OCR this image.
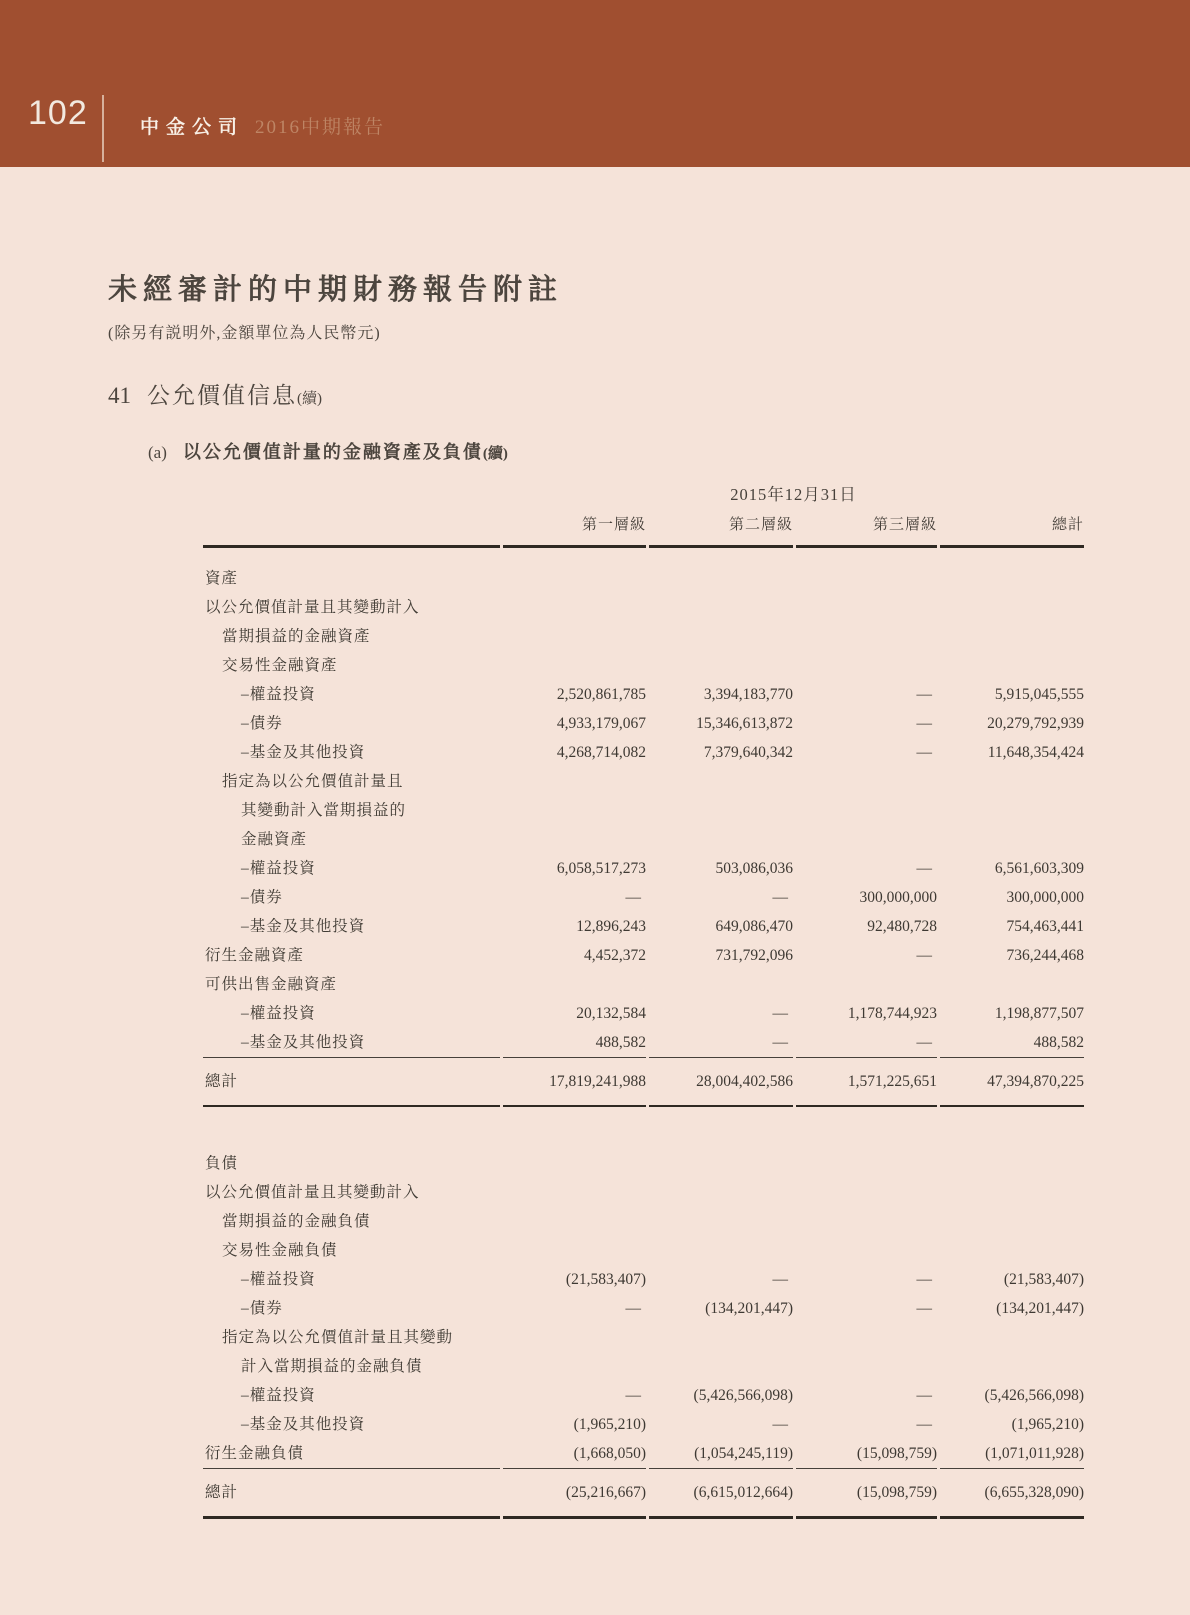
102	中金公司 2016中期報告
未經審計的中期財務報告附註
(除另有説明外,金額單位為人民幣元)
41 公允價值信息(續)
(a) 以公允價值計量的金融資產及負債(續)
	2015年12月31日			
	第一層級	第二層級	第三層級	總計
資產				
以公允價值計量且其變動計入				
當期損益的金融資產				
交易性金融資產				
–權益投資	2,520,861,785	3,394,183,770	—	5,915,045,555
–債券	4,933,179,067	15,346,613,872	—	20,279,792,939
–基金及其他投資	4,268,714,082	7,379,640,342	—	11,648,354,424
指定為以公允價值計量且				
其變動計入當期損益的				
金融資產				
–權益投資	6,058,517,273	503,086,036	—	6,561,603,309
–債券	—	—	300,000,000	300,000,000
–基金及其他投資	12,896,243	649,086,470	92,480,728	754,463,441
衍生金融資產	4,452,372	731,792,096	—	736,244,468
可供出售金融資產				
–權益投資	20,132,584	—	1,178,744,923	1,198,877,507
–基金及其他投資	488,582	—	—	488,582
總計	17,819,241,988	28,004,402,586	1,571,225,651	47,394,870,225

負債				
以公允價值計量且其變動計入				
當期損益的金融負債				
交易性金融負債				
–權益投資	(21,583,407)	—	—	(21,583,407)
–債券	—	(134,201,447)	—	(134,201,447)
指定為以公允價值計量且其變動				
計入當期損益的金融負債				
–權益投資	—	(5,426,566,098)	—	(5,426,566,098)
–基金及其他投資	(1,965,210)	—	—	(1,965,210)
衍生金融負債	(1,668,050)	(1,054,245,119)	(15,098,759)	(1,071,011,928)
總計	(25,216,667)	(6,615,012,664)	(15,098,759)	(6,655,328,090)
